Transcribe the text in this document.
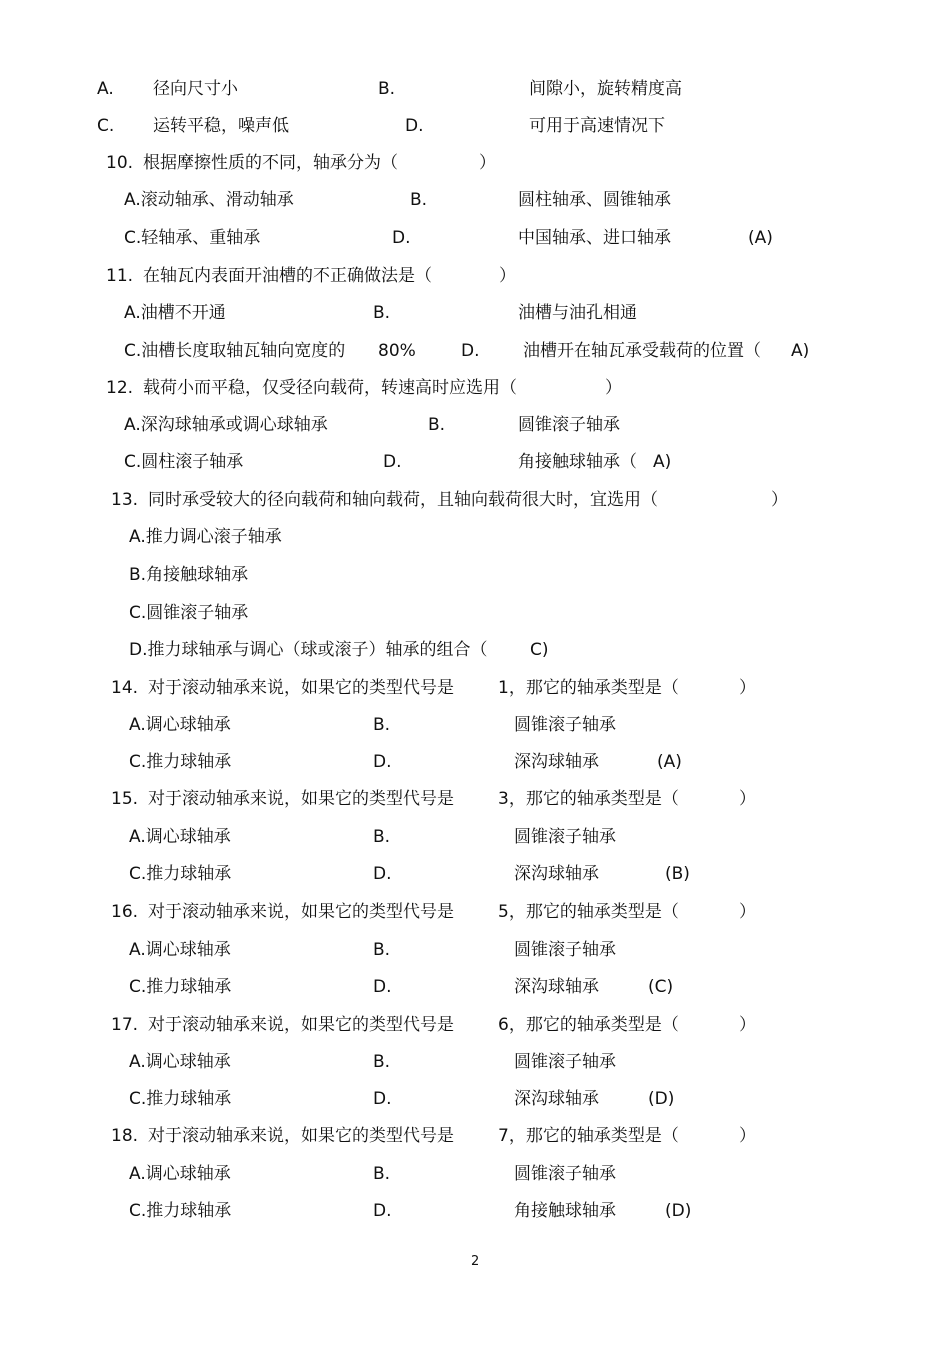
A. 径向尺寸小	B.	间隙小，旋转精度高
C. 运转平稳，噪声低	D.	可用于高速情况下
10. 根据摩擦性质的不同，轴承分为（	）
A.滚动轴承、滑动轴承	B.	圆柱轴承、圆锥轴承
C.轻轴承、重轴承	D.	中国轴承、进口轴承	(A)
11. 在轴瓦内表面开油槽的不正确做法是（	）
A.油槽不开通	B.	油槽与油孔相通
C.油槽长度取轴瓦轴向宽度的 80%	D.	油槽开在轴瓦承受载荷的位置（ A)
12. 载荷小而平稳，仅受径向载荷，转速高时应选用（	）
A.深沟球轴承或调心球轴承	B.	圆锥滚子轴承
C.圆柱滚子轴承	D.	角接触球轴承（ A)
13. 同时承受较大的径向载荷和轴向载荷，且轴向载荷很大时，宜选用（	）
A.推力调心滚子轴承
B.角接触球轴承
C.圆锥滚子轴承
D.推力球轴承与调心（球或滚子）轴承的组合（	C)
14. 对于滚动轴承来说，如果它的类型代号是	1，那它的轴承类型是（	）
A.调心球轴承	B.	圆锥滚子轴承
C.推力球轴承	D.	深沟球轴承	(A)
15. 对于滚动轴承来说，如果它的类型代号是	3，那它的轴承类型是（	）
A.调心球轴承	B.	圆锥滚子轴承
C.推力球轴承	D.	深沟球轴承	(B)
16. 对于滚动轴承来说，如果它的类型代号是	5，那它的轴承类型是（	）
A.调心球轴承	B.	圆锥滚子轴承
C.推力球轴承	D.	深沟球轴承	(C)
17. 对于滚动轴承来说，如果它的类型代号是	6，那它的轴承类型是（	）
A.调心球轴承	B.	圆锥滚子轴承
C.推力球轴承	D.	深沟球轴承	(D)
18. 对于滚动轴承来说，如果它的类型代号是	7，那它的轴承类型是（	）
A.调心球轴承	B.	圆锥滚子轴承
C.推力球轴承	D.	角接触球轴承	(D)
2
